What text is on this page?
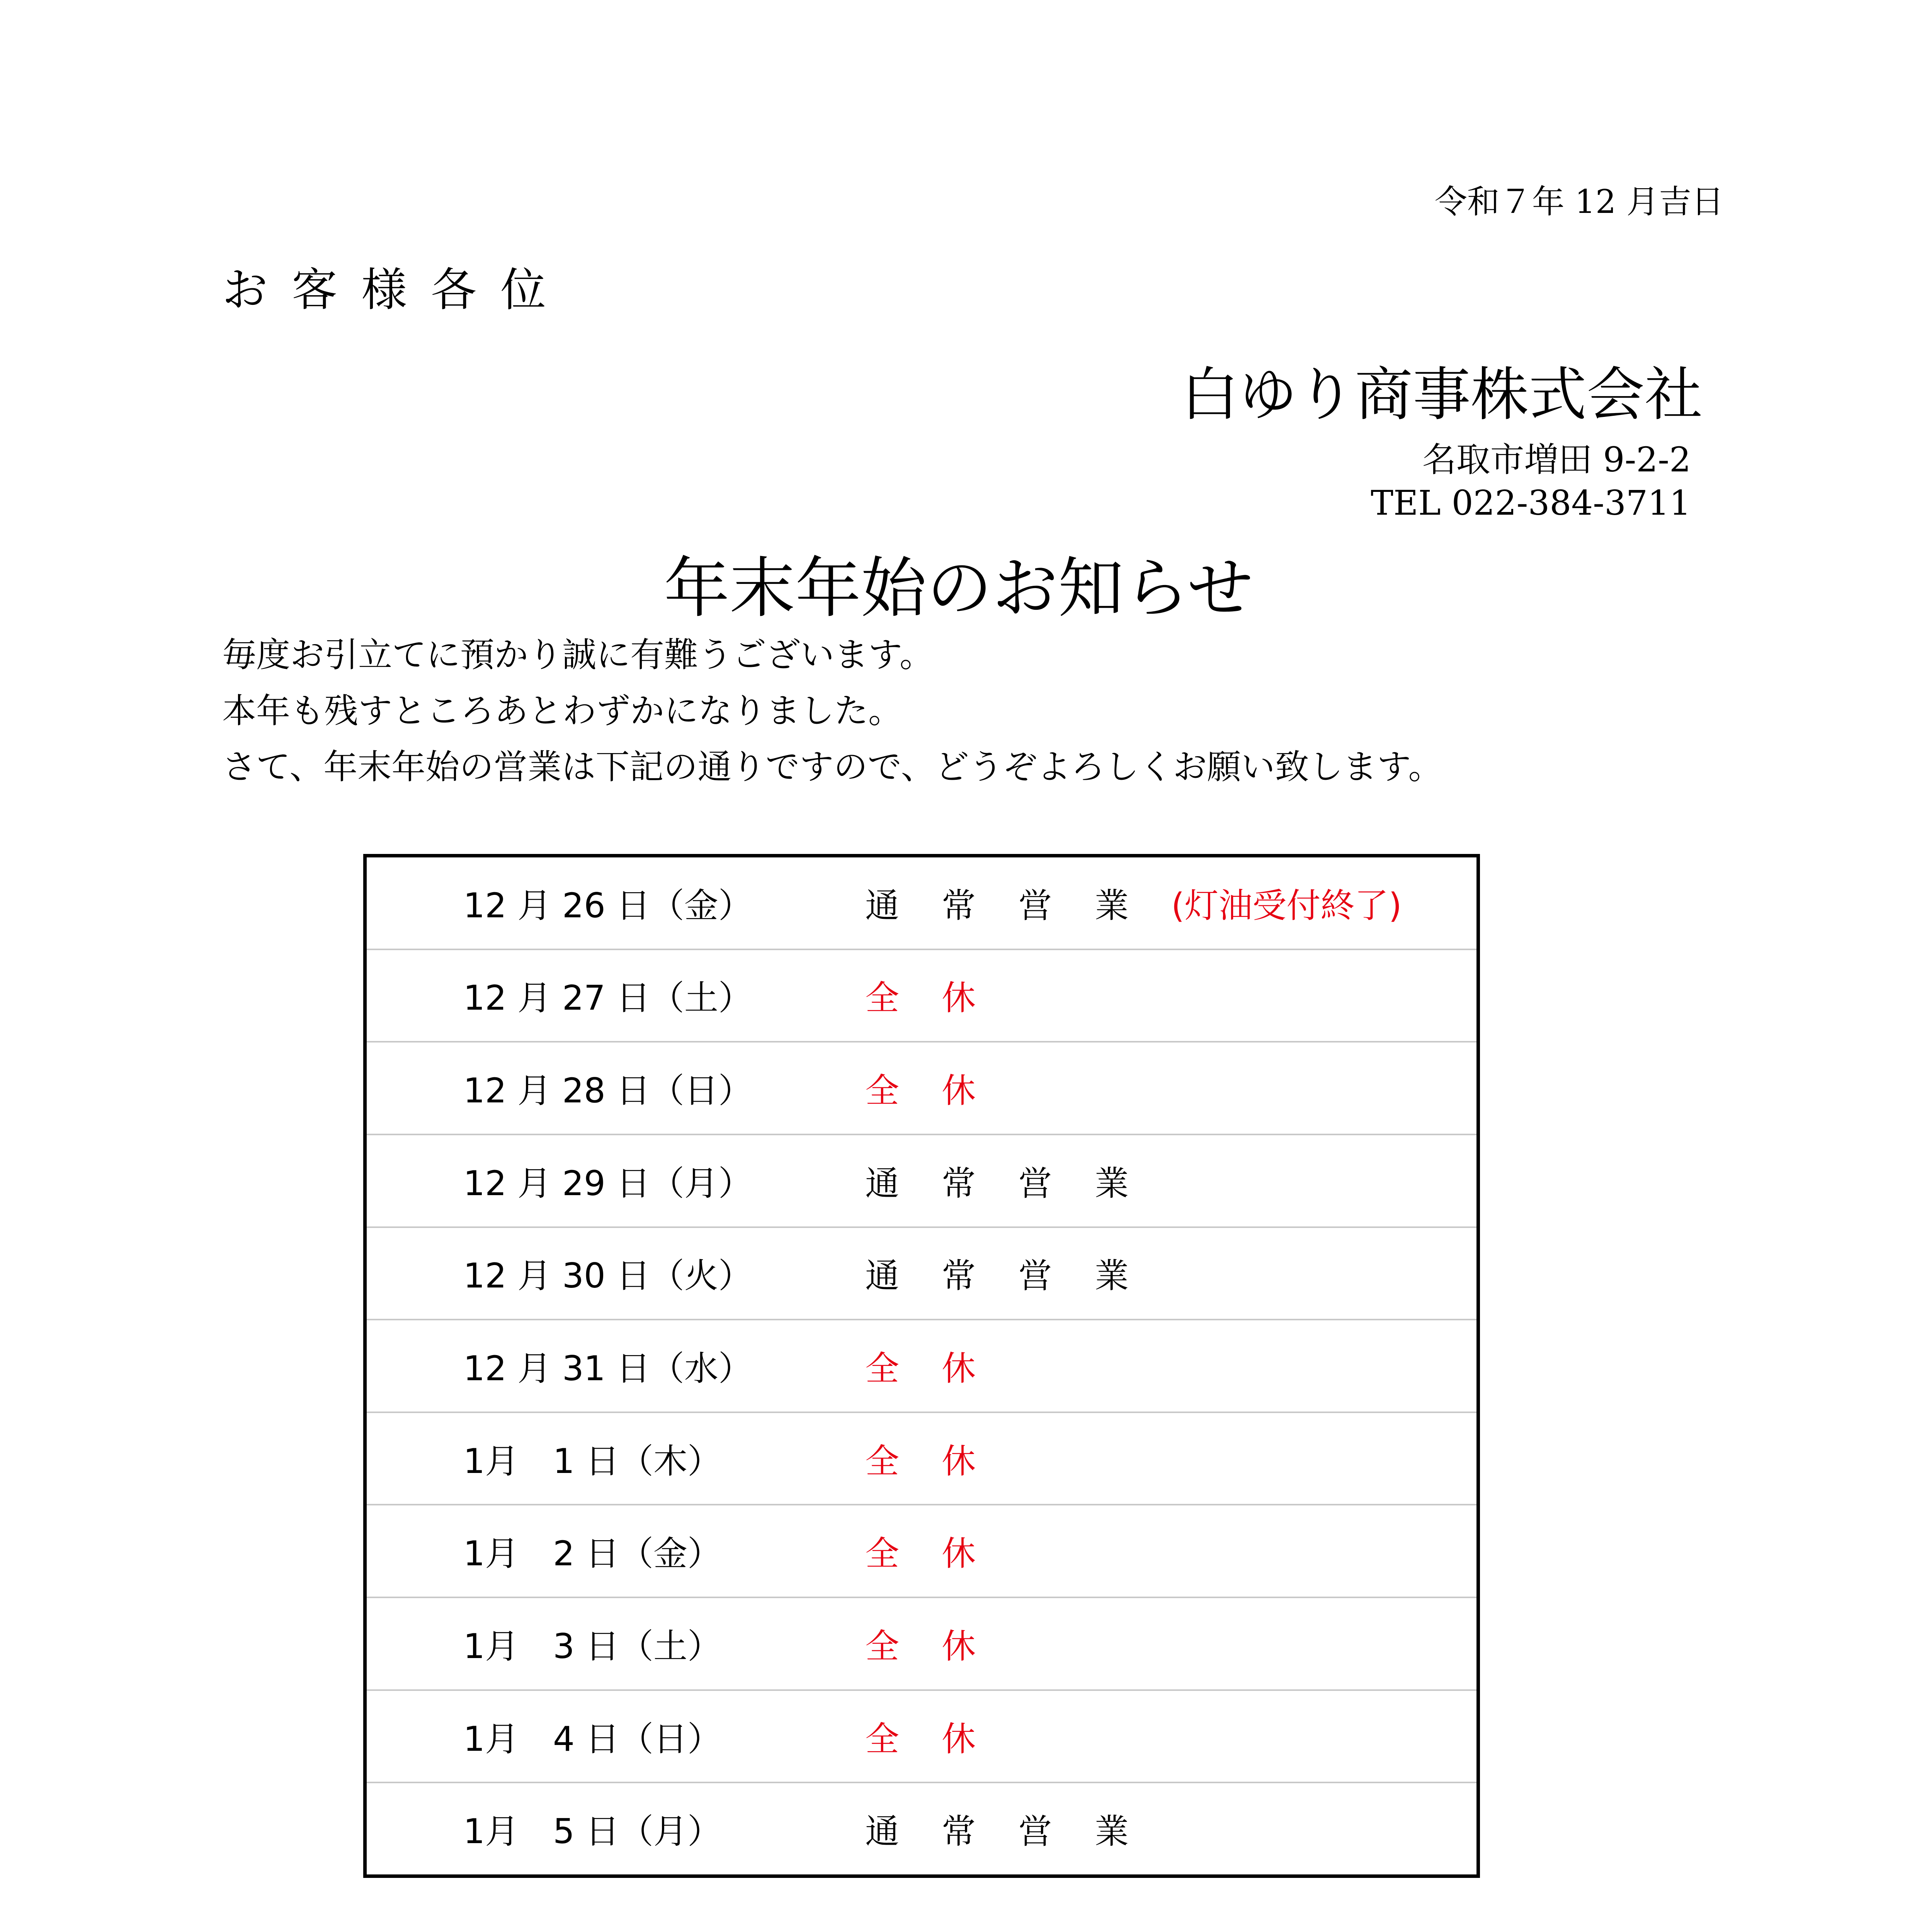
令和７年 12 月吉日
お客様各位
白ゆり商事株式会社
名取市増田 9-2-2
TEL 022-384-3711
年末年始のお知らせ
毎度お引立てに預かり誠に有難うございます。
本年も残すところあとわずかになりました。
さて、年末年始の営業は下記の通りですので、どうぞよろしくお願い致します。
12 月 26 日（金）	通常営業 (灯油受付終了)
12 月 27 日（土）	全休
12 月 28 日（日）	全休
12 月 29 日（月）	通常営業
12 月 30 日（火）	通常営業
12 月 31 日（水）	全休
1月　1 日（木）	全休
1月　2 日（金）	全休
1月　3 日（土）	全休
1月　4 日（日）	全休
1月　5 日（月）	通常営業
